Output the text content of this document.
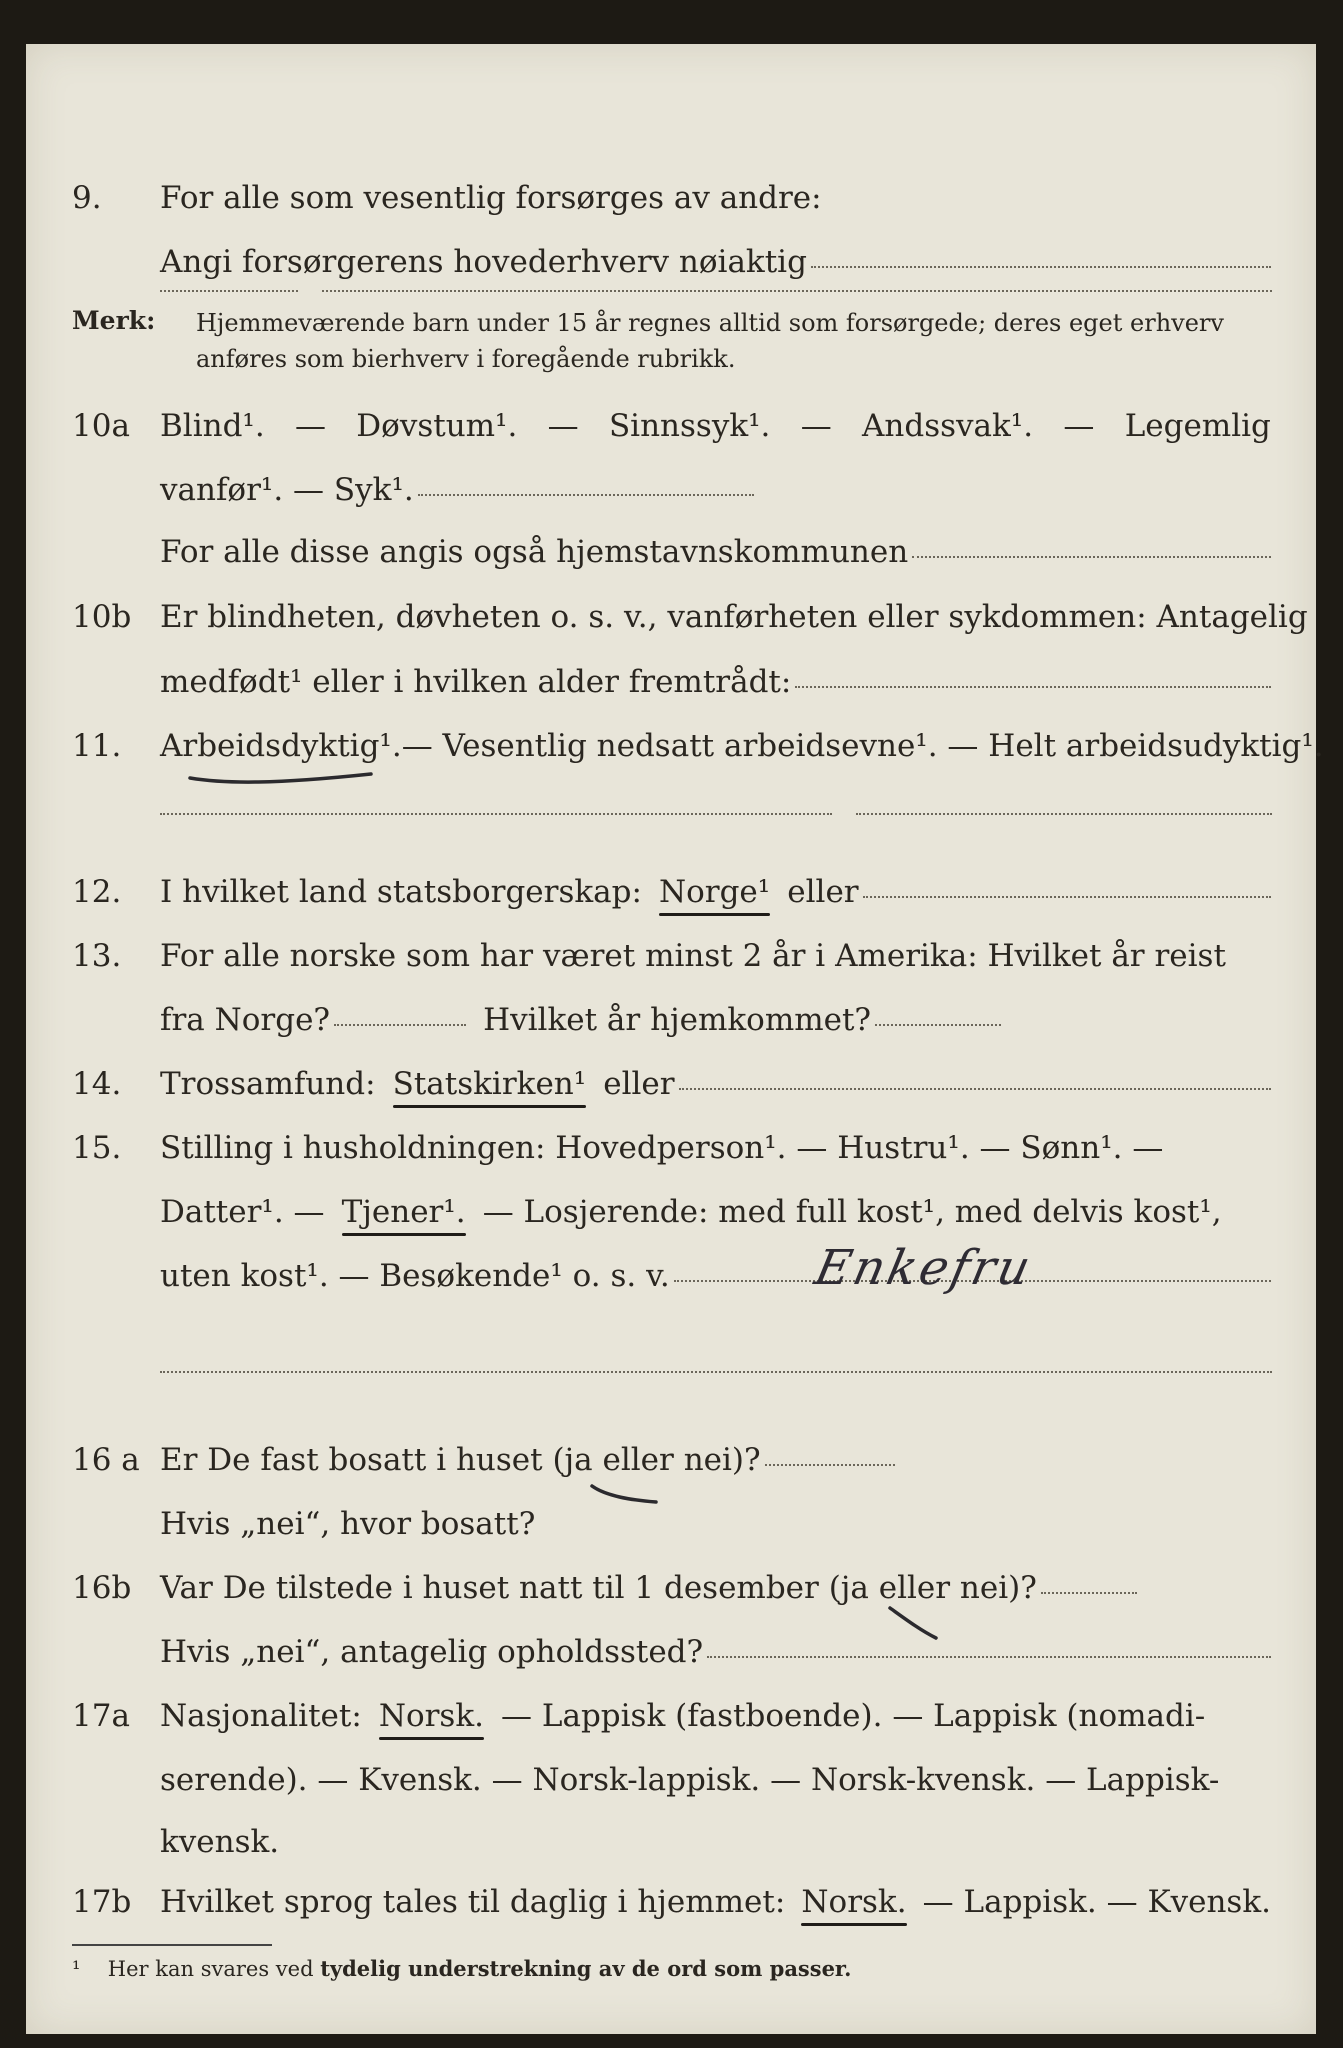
9.	For alle som vesentlig forsørges av andre:
Angi forsørgerens hovederhverv nøiaktig
Merk: Hjemmeværende barn under 15 år regnes alltid som forsørgede; deres eget erhverv
anføres som bierhverv i foregående rubrikk.
10a Blind¹. — Døvstum¹. — Sinnssyk¹. — Andssvak¹. — Legemlig
vanfør¹. — Syk¹.
For alle disse angis også hjemstavnskommunen
10b Er blindheten, døvheten o. s. v., vanførheten eller sykdommen: Antagelig
medfødt¹ eller i hvilken alder fremtrådt:
11.	Arbeidsdyktig¹. — Vesentlig nedsatt arbeidsevne¹. — Helt arbeidsudyktig¹.
12.	I hvilket land statsborgerskap: Norge¹ eller
13.	For alle norske som har været minst 2 år i Amerika: Hvilket år reist
fra Norge?	Hvilket år hjemkommet?
14.	Trossamfund: Statskirken¹ eller
15.	Stilling i husholdningen: Hovedperson¹. — Hustru¹. — Sønn¹. —
Datter¹. — Tjener¹. — Losjerende: med full kost¹, med delvis kost¹,
uten kost¹. — Besøkende¹ o. s. v.	Enkefru
16 a Er De fast bosatt i huset (ja eller nei)?
Hvis „nei“, hvor bosatt?
16b Var De tilstede i huset natt til 1 desember (ja eller nei)?
Hvis „nei“, antagelig opholdssted?
17a Nasjonalitet: Norsk. — Lappisk (fastboende). — Lappisk (nomadi-
serende). — Kvensk. — Norsk-lappisk. — Norsk-kvensk. — Lappisk-
kvensk.
17b Hvilket sprog tales til daglig i hjemmet: Norsk. — Lappisk. — Kvensk.
¹ Her kan svares ved tydelig understrekning av de ord som passer.
